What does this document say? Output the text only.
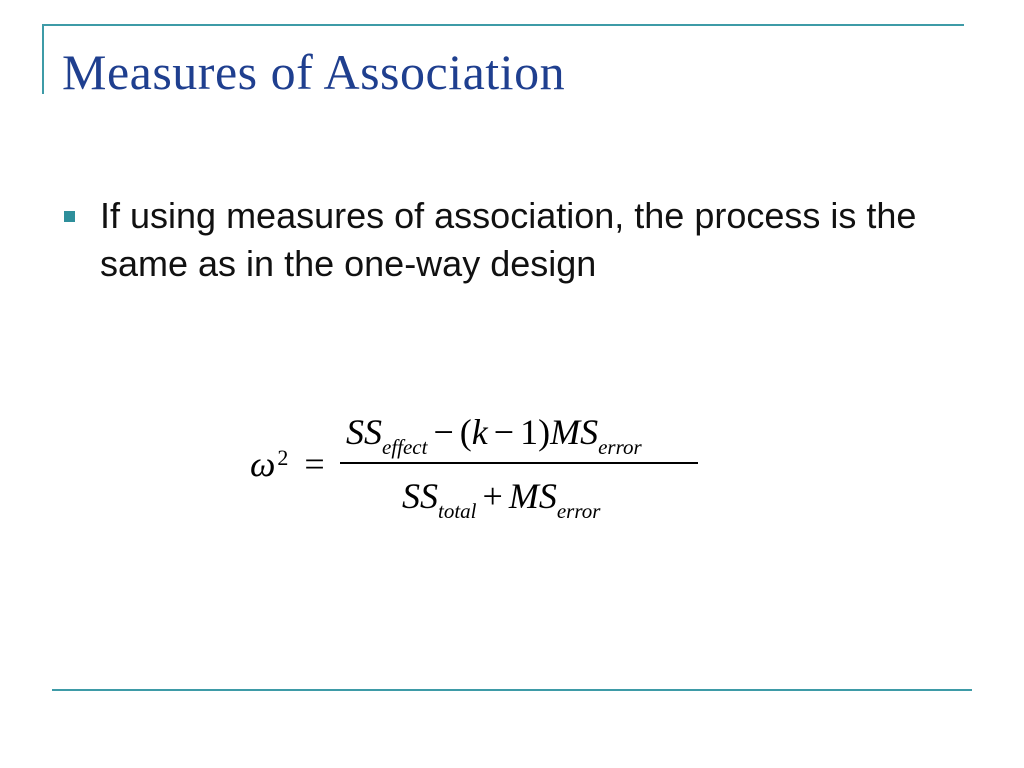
Measures of Association
If using measures of association, the process is the same as in the one-way design
$\omega^2$ =
$SS_{effect} - (k - 1)MS_{error}$
$SS_{total} + MS_{error}$
